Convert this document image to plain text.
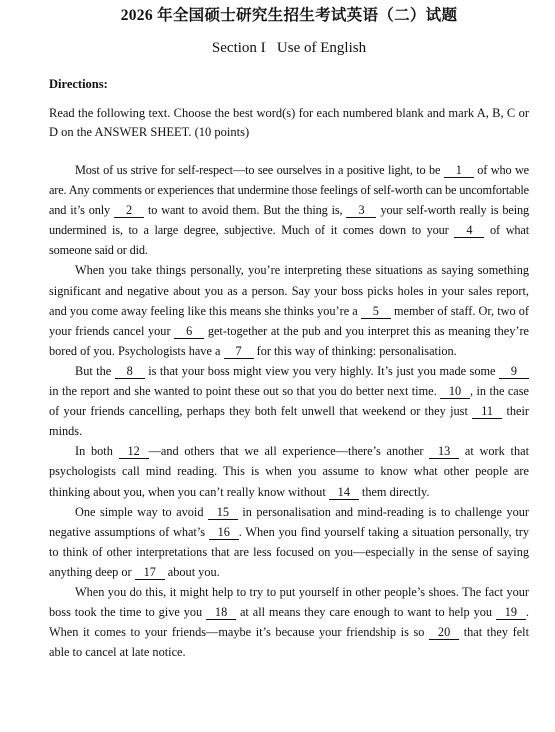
2026 年全国硕士研究生招生考试英语（二）试题
Section I   Use of English
Directions:
Read the following text. Choose the best word(s) for each numbered blank and mark A, B, C or D on the ANSWER SHEET. (10 points)

Most of us strive for self-respect—to see ourselves in a positive light, to be 1 of who we are. Any comments or experiences that undermine those feelings of self-worth can be uncomfortable and it’s only 2 to want to avoid them. But the thing is, 3 your self-worth really is being undermined is, to a large degree, subjective. Much of it comes down to your 4 of what someone said or did.

When you take things personally, you’re interpreting these situations as saying something significant and negative about you as a person. Say your boss picks holes in your sales report, and you come away feeling like this means she thinks you’re a 5 member of staff. Or, two of your friends cancel your 6 get-together at the pub and you interpret this as meaning they’re bored of you. Psychologists have a 7 for this way of thinking: personalisation.

But the 8 is that your boss might view you very highly. It’s just you made some 9 in the report and she wanted to point these out so that you do better next time. 10 , in the case of your friends cancelling, perhaps they both felt unwell that weekend or they just 11 their minds.

In both 12 —and others that we all experience—there’s another 13 at work that psychologists call mind reading. This is when you assume to know what other people are thinking about you, when you can’t really know without 14 them directly.

One simple way to avoid 15 in personalisation and mind-reading is to challenge your negative assumptions of what’s 16 . When you find yourself taking a situation personally, try to think of other interpretations that are less focused on you—especially in the sense of saying anything deep or 17 about you.

When you do this, it might help to try to put yourself in other people’s shoes. The fact your boss took the time to give you 18 at all means they care enough to want to help you 19 . When it comes to your friends—maybe it’s because your friendship is so 20 that they felt able to cancel at late notice.
